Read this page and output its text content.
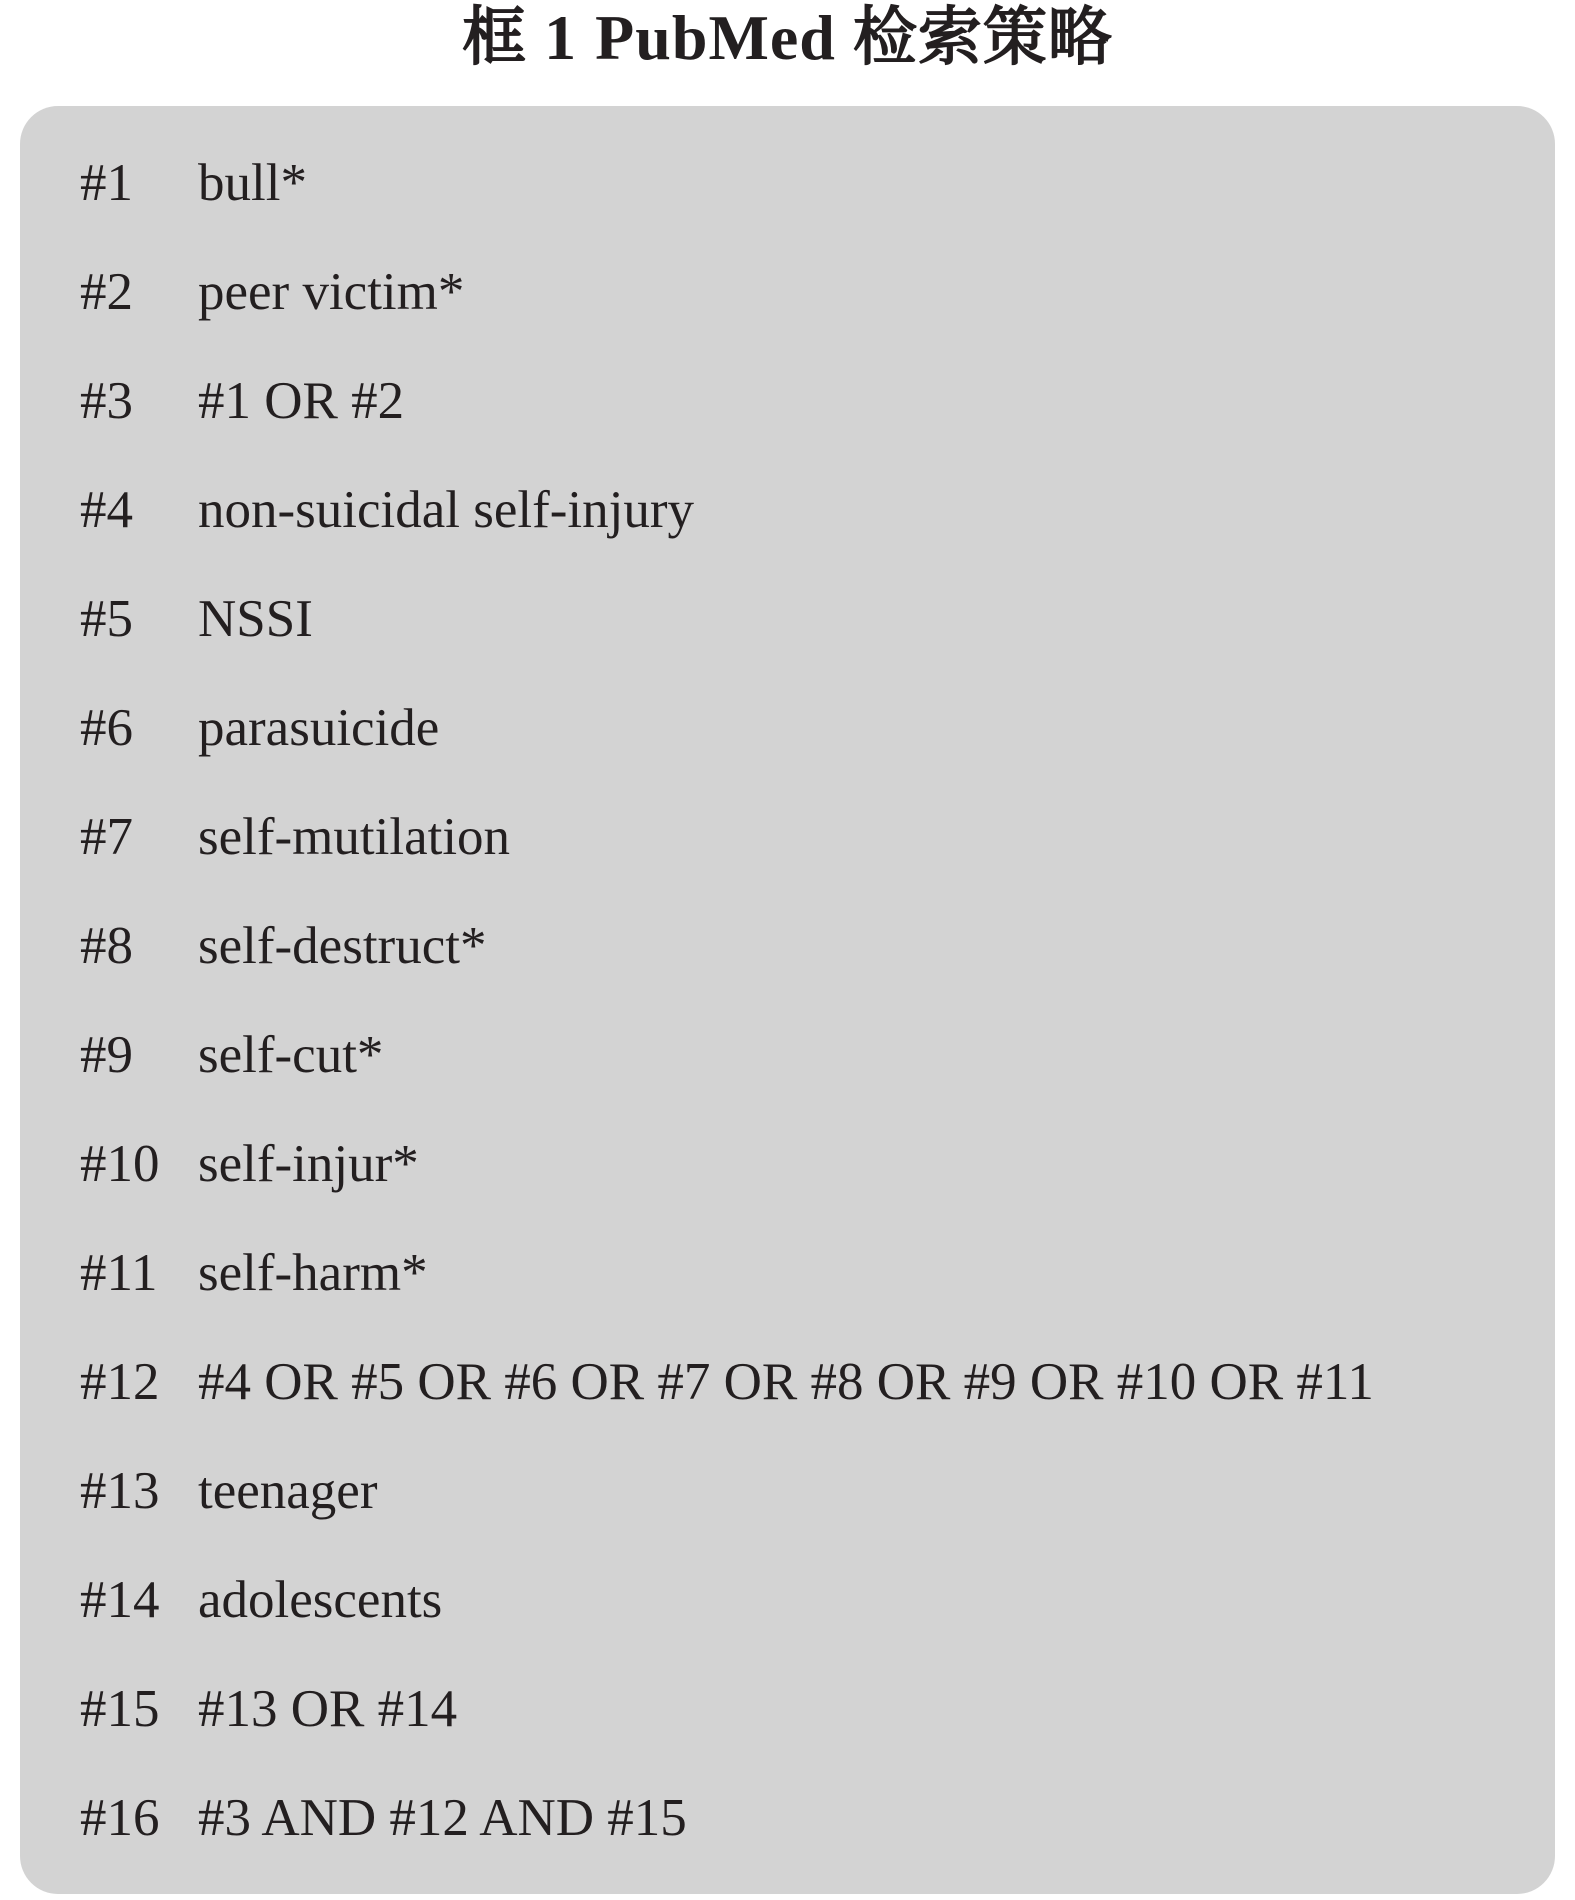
框 1 PubMed 检索策略
#1 bull*
#2 peer victim*
#3 #1 OR #2
#4 non-suicidal self-injury
#5 NSSI
#6 parasuicide
#7 self-mutilation
#8 self-destruct*
#9 self-cut*
#10 self-injur*
#11 self-harm*
#12 #4 OR #5 OR #6 OR #7 OR #8 OR #9 OR #10 OR #11
#13 teenager
#14 adolescents
#15 #13 OR #14
#16 #3 AND #12 AND #15
